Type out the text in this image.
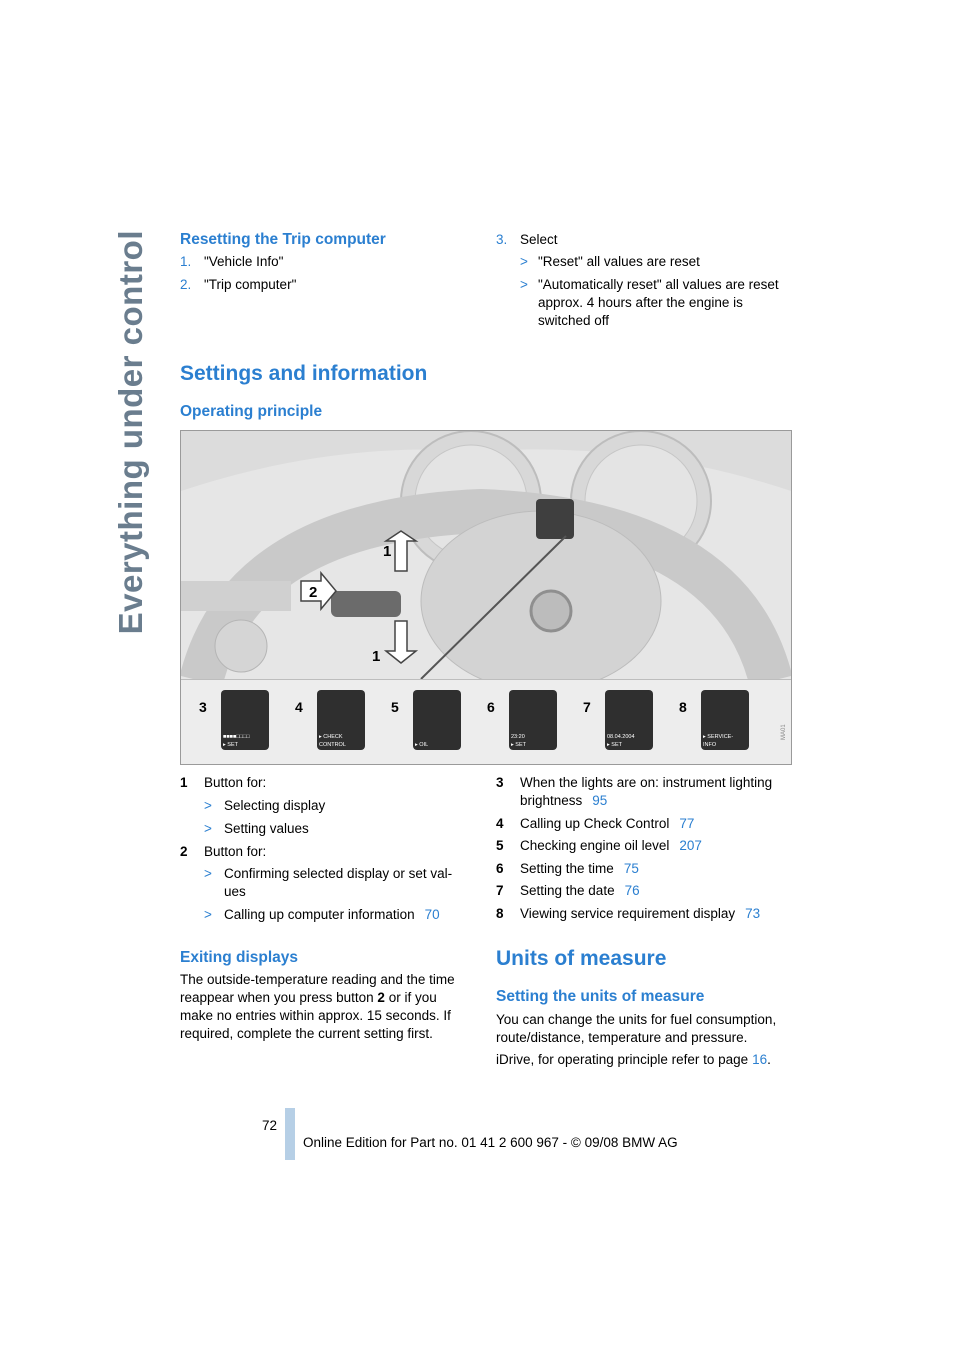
Everything under control Resetting the Trip computer
1. "Vehicle Info"
2. "Trip computer"
3. Select
> "Reset" all values are reset
> "Automatically reset" all values are reset
approx. 4 hours after the engine is
switched off
Settings and information
Operating principle
1
2
1
3	4	5	6	7	8
■■■■□□□□
▸ SET
▸ CHECK
CONTROL	▸ OIL
23:20
▸ SET
08.04.2004
▸ SET
▸ SERVICE-
INFO
MA01
1 Button for:
> Selecting display
> Setting values
2 Button for:
> Confirming selected display or set val-
ues
> Calling up computer information 70
3 When the lights are on: instrument lighting
brightness 95
4 Calling up Check Control 77
5 Checking engine oil level 207
6 Setting the time 75
7 Setting the date 76
8 Viewing service requirement display 73
Exiting displays
The outside-temperature reading and the time
reappear when you press button 2 or if you
make no entries within approx. 15 seconds. If
required, complete the current setting first.
Units of measure
Setting the units of measure
You can change the units for fuel consumption,
route/distance, temperature and pressure.
iDrive, for operating principle refer to page 16.
72
Online Edition for Part no. 01 41 2 600 967 - © 09/08 BMW AG
